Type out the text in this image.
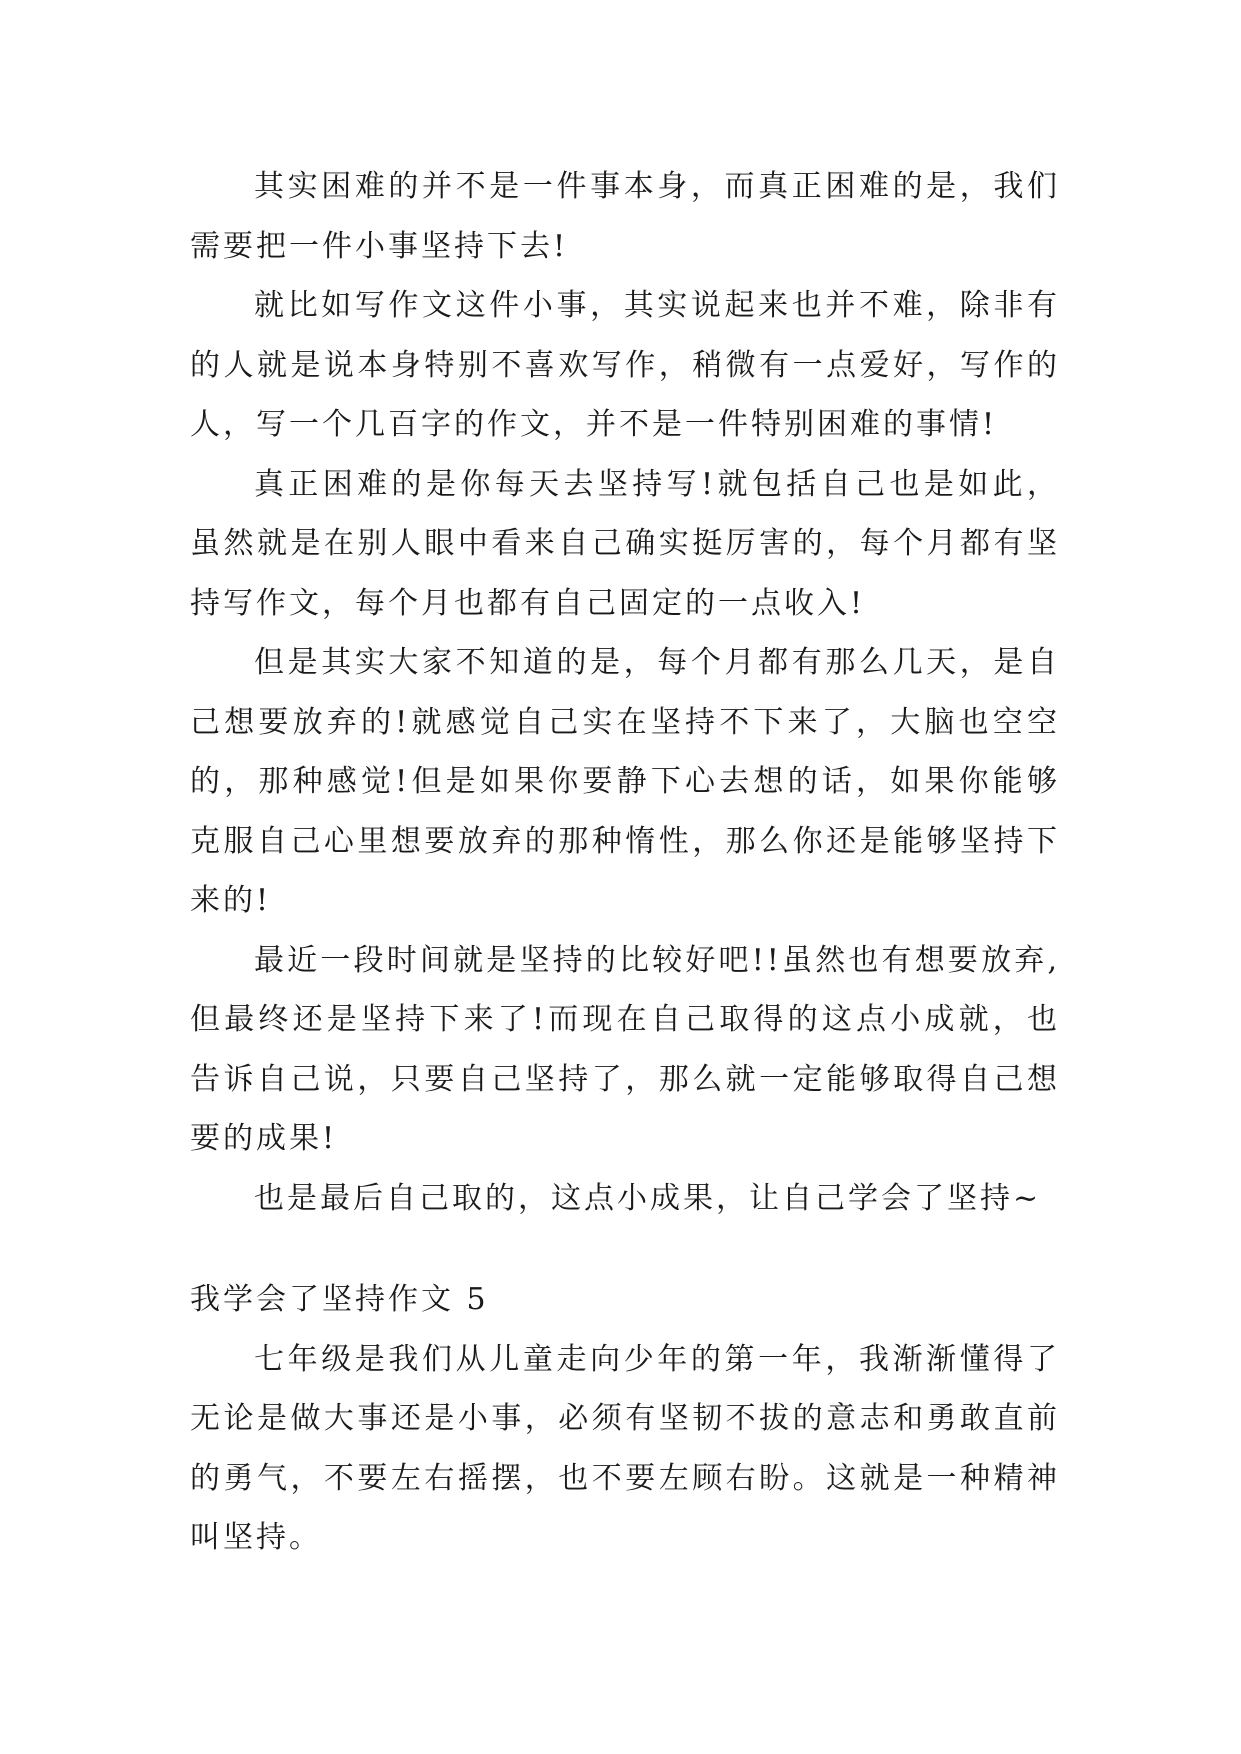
其实困难的并不是一件事本身，而真正困难的是，我们需要把一件小事坚持下去!

就比如写作文这件小事，其实说起来也并不难，除非有的人就是说本身特别不喜欢写作，稍微有一点爱好，写作的人，写一个几百字的作文，并不是一件特别困难的事情!

真正困难的是你每天去坚持写!就包括自己也是如此，虽然就是在别人眼中看来自己确实挺厉害的，每个月都有坚持写作文，每个月也都有自己固定的一点收入!

但是其实大家不知道的是，每个月都有那么几天，是自己想要放弃的!就感觉自己实在坚持不下来了，大脑也空空的，那种感觉!但是如果你要静下心去想的话，如果你能够克服自己心里想要放弃的那种惰性，那么你还是能够坚持下来的!

最近一段时间就是坚持的比较好吧!!虽然也有想要放弃,但最终还是坚持下来了!而现在自己取得的这点小成就，也告诉自己说，只要自己坚持了，那么就一定能够取得自己想要的成果!

也是最后自己取的，这点小成果，让自己学会了坚持~

我学会了坚持作文 5

七年级是我们从儿童走向少年的第一年，我渐渐懂得了无论是做大事还是小事，必须有坚韧不拔的意志和勇敢直前的勇气，不要左右摇摆，也不要左顾右盼。这就是一种精神叫坚持。
